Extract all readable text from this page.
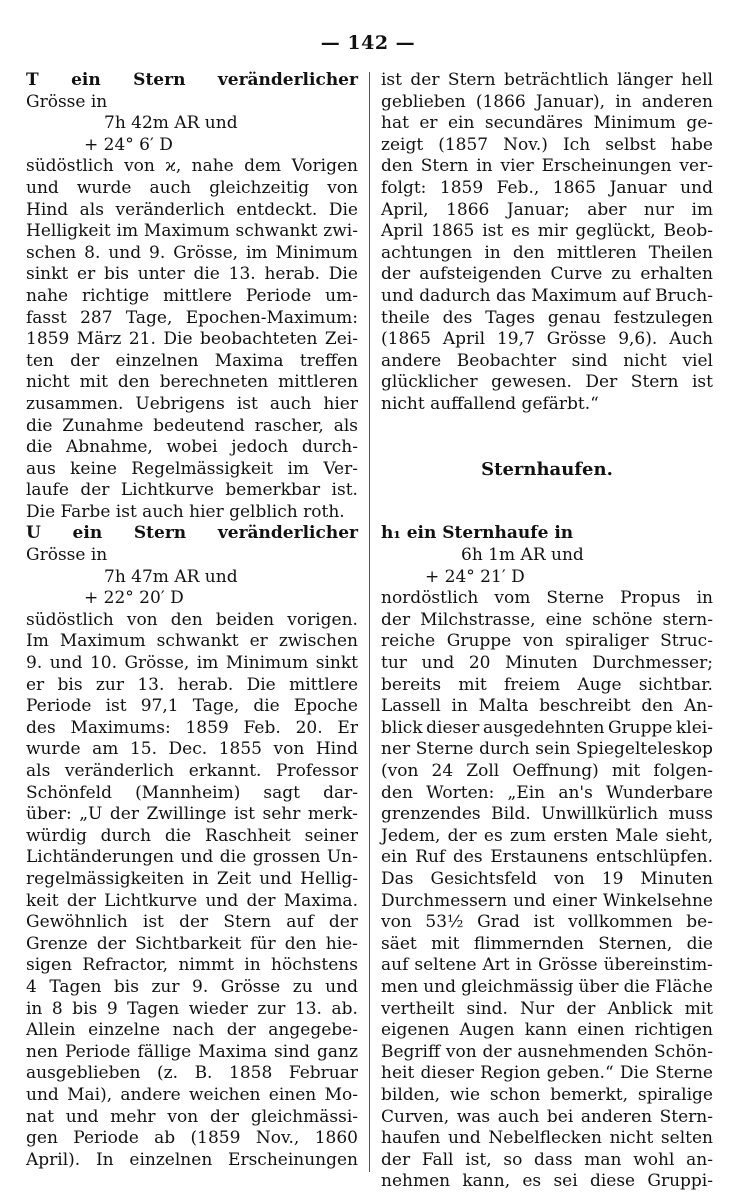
— 142 —
T ein Stern veränderlicher
Grösse in
7h 42m AR und
+ 24° 6′ D
südöstlich von ϰ, nahe dem Vorigen
und wurde auch gleichzeitig von
Hind als veränderlich entdeckt. Die
Helligkeit im Maximum schwankt zwi-
schen 8. und 9. Grösse, im Minimum
sinkt er bis unter die 13. herab. Die
nahe richtige mittlere Periode um-
fasst 287 Tage, Epochen-Maximum:
1859 März 21. Die beobachteten Zei-
ten der einzelnen Maxima treffen
nicht mit den berechneten mittleren
zusammen. Uebrigens ist auch hier
die Zunahme bedeutend rascher, als
die Abnahme, wobei jedoch durch-
aus keine Regelmässigkeit im Ver-
laufe der Lichtkurve bemerkbar ist.
Die Farbe ist auch hier gelblich roth.
U ein Stern veränderlicher
Grösse in
7h 47m AR und
+ 22° 20′ D
südöstlich von den beiden vorigen.
Im Maximum schwankt er zwischen
9. und 10. Grösse, im Minimum sinkt
er bis zur 13. herab. Die mittlere
Periode ist 97,1 Tage, die Epoche
des Maximums: 1859 Feb. 20. Er
wurde am 15. Dec. 1855 von Hind
als veränderlich erkannt. Professor
Schönfeld (Mannheim) sagt dar-
über: „U der Zwillinge ist sehr merk-
würdig durch die Raschheit seiner
Lichtänderungen und die grossen Un-
regelmässigkeiten in Zeit und Hellig-
keit der Lichtkurve und der Maxima.
Gewöhnlich ist der Stern auf der
Grenze der Sichtbarkeit für den hie-
sigen Refractor, nimmt in höchstens
4 Tagen bis zur 9. Grösse zu und
in 8 bis 9 Tagen wieder zur 13. ab.
Allein einzelne nach der angegebe-
nen Periode fällige Maxima sind ganz
ausgeblieben (z. B. 1858 Februar
und Mai), andere weichen einen Mo-
nat und mehr von der gleichmässi-
gen Periode ab (1859 Nov., 1860
April). In einzelnen Erscheinungen
ist der Stern beträchtlich länger hell
geblieben (1866 Januar), in anderen
hat er ein secundäres Minimum ge-
zeigt (1857 Nov.) Ich selbst habe
den Stern in vier Erscheinungen ver-
folgt: 1859 Feb., 1865 Januar und
April, 1866 Januar; aber nur im
April 1865 ist es mir geglückt, Beob-
achtungen in den mittleren Theilen
der aufsteigenden Curve zu erhalten
und dadurch das Maximum auf Bruch-
theile des Tages genau festzulegen
(1865 April 19,7 Grösse 9,6). Auch
andere Beobachter sind nicht viel
glücklicher gewesen. Der Stern ist
nicht auffallend gefärbt.“
Sternhaufen.
h₁ ein Sternhaufe in
6h 1m AR und
+ 24° 21′ D
nordöstlich vom Sterne Propus in
der Milchstrasse, eine schöne stern-
reiche Gruppe von spiraliger Struc-
tur und 20 Minuten Durchmesser;
bereits mit freiem Auge sichtbar.
Lassell in Malta beschreibt den An-
blick dieser ausgedehnten Gruppe klei-
ner Sterne durch sein Spiegelteleskop
(von 24 Zoll Oeffnung) mit folgen-
den Worten: „Ein an's Wunderbare
grenzendes Bild. Unwillkürlich muss
Jedem, der es zum ersten Male sieht,
ein Ruf des Erstaunens entschlüpfen.
Das Gesichtsfeld von 19 Minuten
Durchmessern und einer Winkelsehne
von 53½ Grad ist vollkommen be-
säet mit flimmernden Sternen, die
auf seltene Art in Grösse übereinstim-
men und gleichmässig über die Fläche
vertheilt sind. Nur der Anblick mit
eigenen Augen kann einen richtigen
Begriff von der ausnehmenden Schön-
heit dieser Region geben.“ Die Sterne
bilden, wie schon bemerkt, spiralige
Curven, was auch bei anderen Stern-
haufen und Nebelflecken nicht selten
der Fall ist, so dass man wohl an-
nehmen kann, es sei diese Gruppi-
